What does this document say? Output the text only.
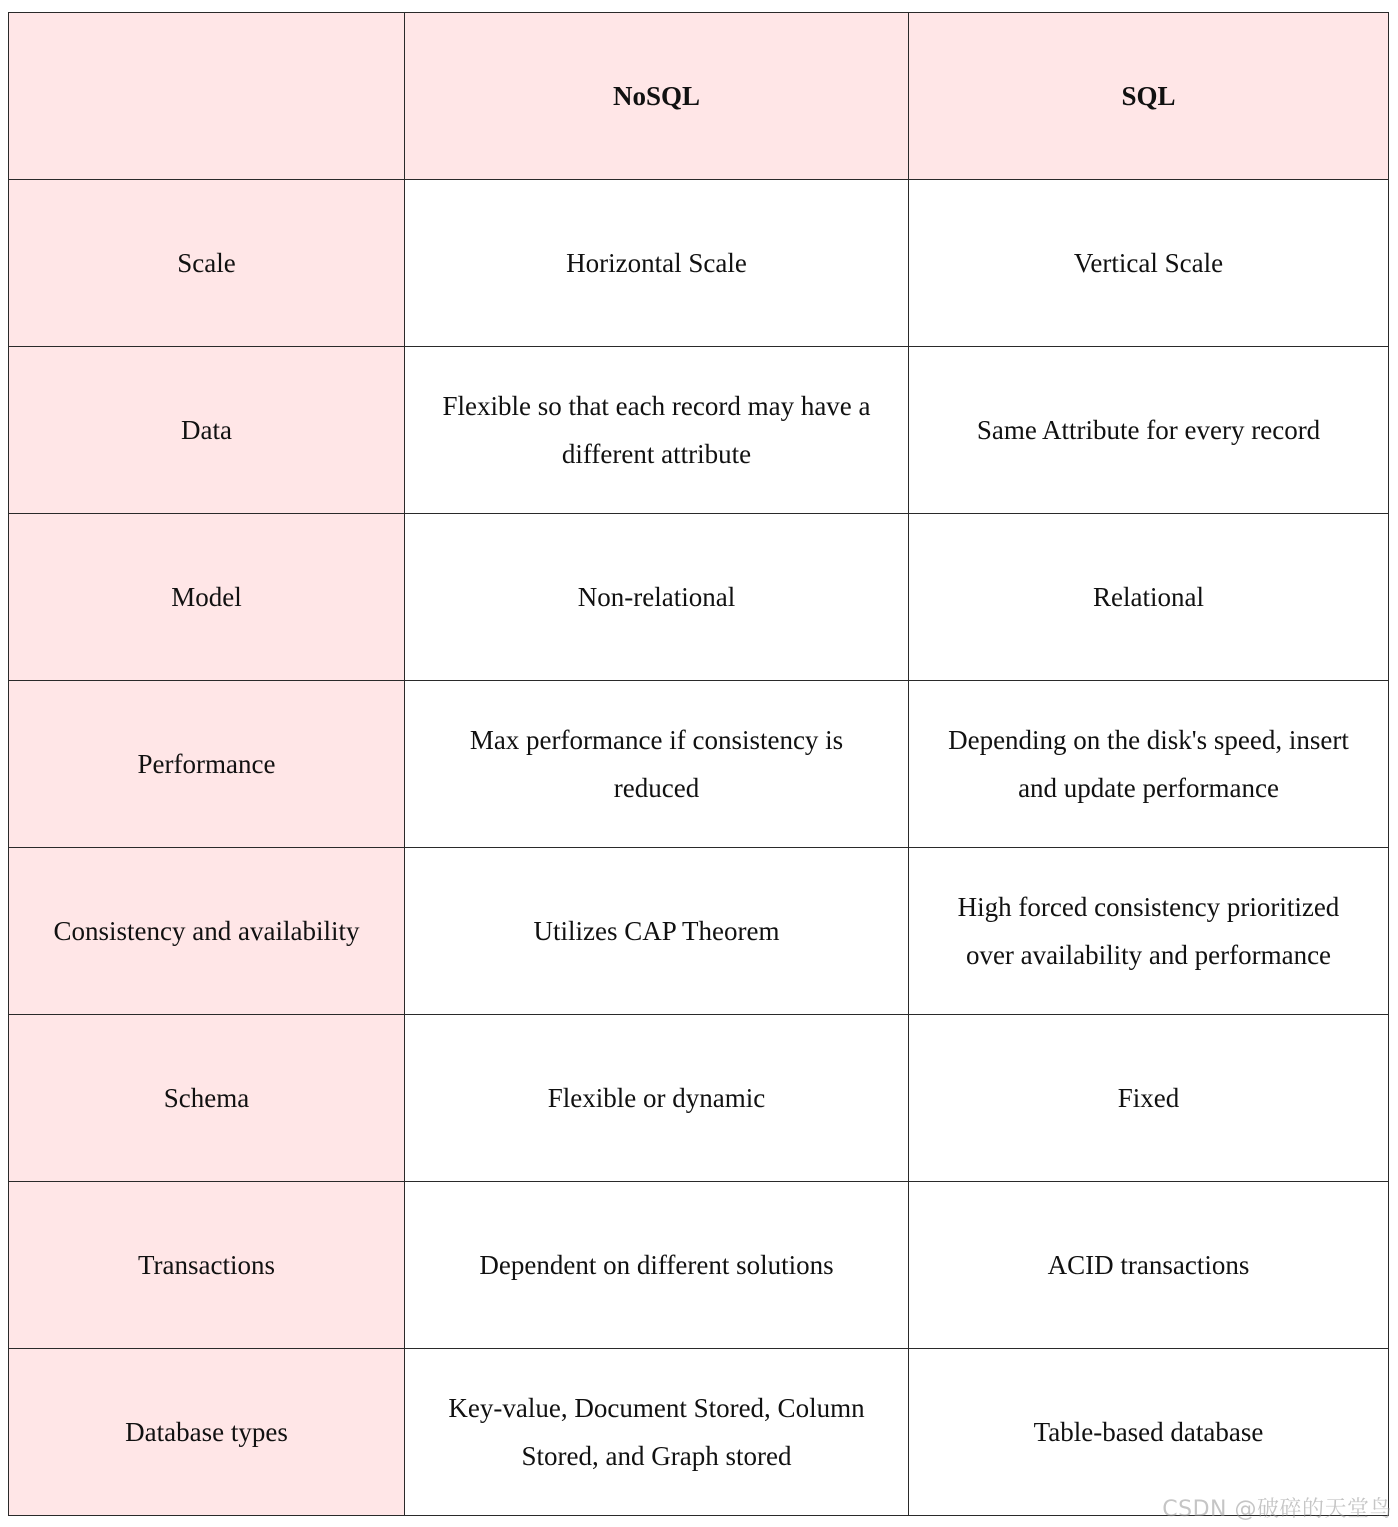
	NoSQL	SQL
Scale	Horizontal Scale	Vertical Scale
Data	Flexible so that each record may have a different attribute	Same Attribute for every record
Model	Non-relational	Relational
Performance	Max performance if consistency is reduced	Depending on the disk's speed, insert and update performance
Consistency and availability	Utilizes CAP Theorem	High forced consistency prioritized over availability and performance
Schema	Flexible or dynamic	Fixed
Transactions	Dependent on different solutions	ACID transactions
Database types	Key-value, Document Stored, Column Stored, and Graph stored	Table-based database
CSDN @破碎的天堂鸟
